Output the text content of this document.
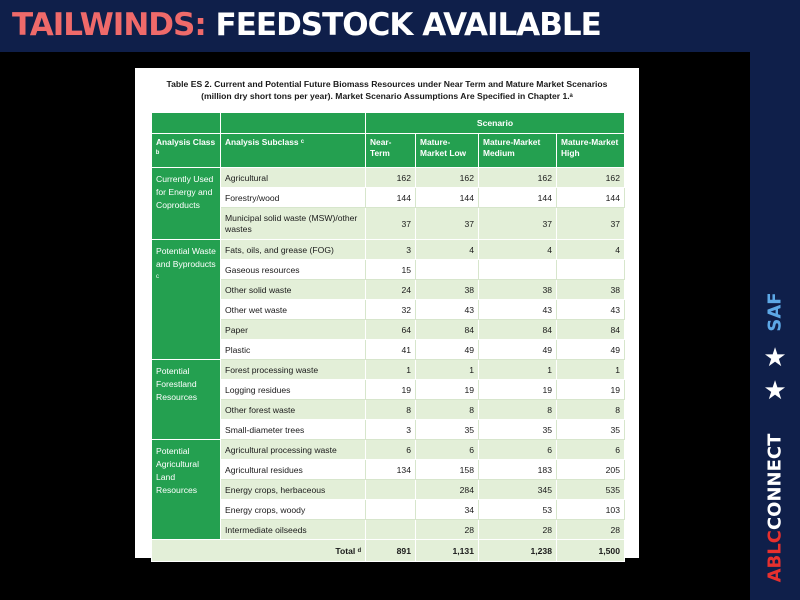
TAILWINDS: FEEDSTOCK AVAILABLE
SAF
★
★
ABLCCONNECT
Table ES 2. Current and Potential Future Biomass Resources under Near Term and Mature Market Scenarios
(million dry short tons per year). Market Scenario Assumptions Are Specified in Chapter 1.ᵃ
		Scenario			
Analysis Class ᵇ	Analysis Subclass ᶜ	Near-Term	Mature-Market Low	Mature-Market Medium	Mature-Market High
Currently Used for Energy and Coproducts	Agricultural	162	162	162	162
	Forestry/wood	144	144	144	144
	Municipal solid waste (MSW)/other wastes	37	37	37	37
Potential Waste and Byproducts ᶜ	Fats, oils, and grease (FOG)	3	4	4	4
	Gaseous resources	15			
	Other solid waste	24	38	38	38
	Other wet waste	32	43	43	43
	Paper	64	84	84	84
	Plastic	41	49	49	49
Potential Forestland Resources	Forest processing waste	1	1	1	1
	Logging residues	19	19	19	19
	Other forest waste	8	8	8	8
	Small-diameter trees	3	35	35	35
Potential Agricultural Land Resources	Agricultural processing waste	6	6	6	6
	Agricultural residues	134	158	183	205
	Energy crops, herbaceous		284	345	535
	Energy crops, woody		34	53	103
	Intermediate oilseeds		28	28	28
Total ᵈ		891	1,131	1,238	1,500
